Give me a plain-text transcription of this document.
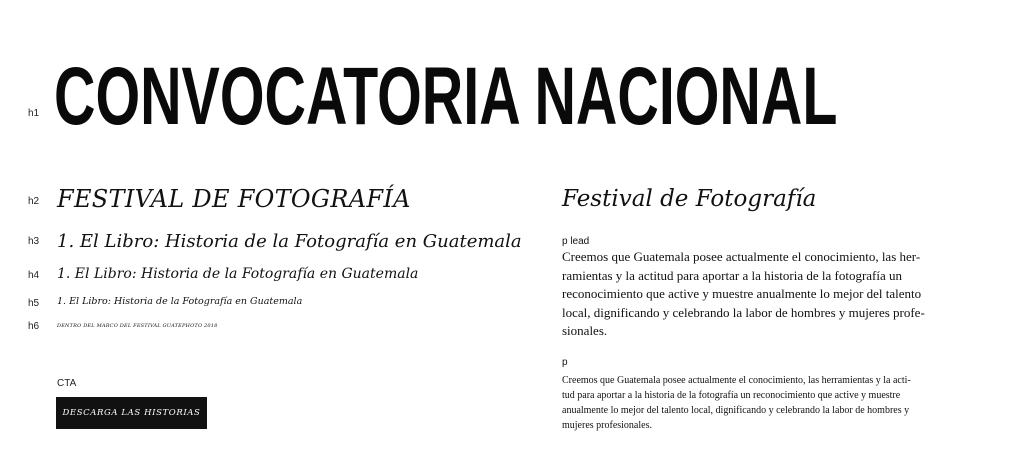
h1 CONVOCATORIA NACIONAL
h2 FESTIVAL DE FOTOGRAFÍA
h3 1. El Libro: Historia de la Fotografía en Guatemala
h4 1. El Libro: Historia de la Fotografía en Guatemala
h5 1. El Libro: Historia de la Fotografía en Guatemala
h6	DENTRO DEL MARCO DEL FESTIVAL GUATEPHOTO 2018
CTA
DESCARGA LAS HISTORIAS
Festival de Fotografía
p lead
Creemos que Guatemala posee actualmente el conocimiento, las her-
ramientas y la actitud para aportar a la historia de la fotografía un
reconocimiento que active y muestre anualmente lo mejor del talento
local, dignificando y celebrando la labor de hombres y mujeres profe-
sionales.
p
Creemos que Guatemala posee actualmente el conocimiento, las herramientas y la acti-
tud para aportar a la historia de la fotografía un reconocimiento que active y muestre
anualmente lo mejor del talento local, dignificando y celebrando la labor de hombres y
mujeres profesionales.
